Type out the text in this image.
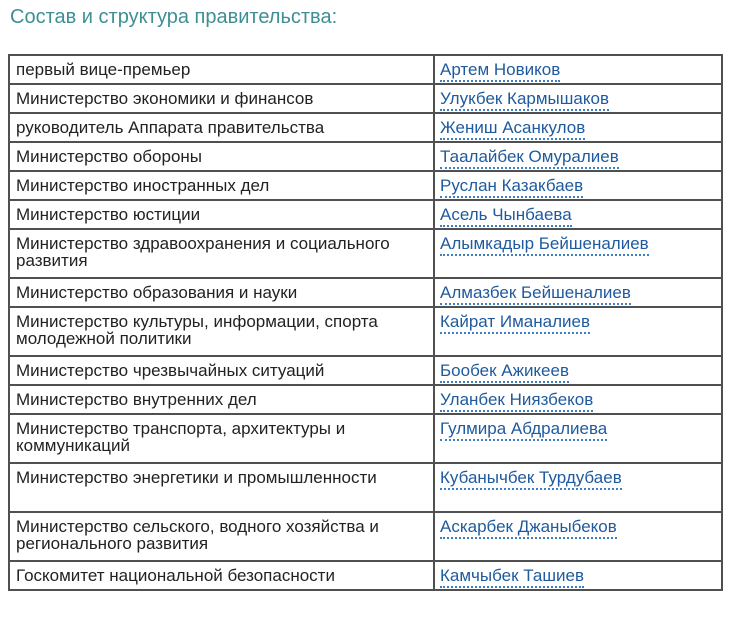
Состав и структура правительства:
первый вице-премьер	Артем Новиков
Министерство экономики и финансов	Улукбек Кармышаков
руководитель Аппарата правительства	Жениш Асанкулов
Министерство обороны	Таалайбек Омуралиев
Министерство иностранных дел	Руслан Казакбаев
Министерство юстиции	Асель Чынбаева
Министерство здравоохранения и социального развития	Алымкадыр Бейшеналиев
Министерство образования и науки	Алмазбек Бейшеналиев
Министерство культуры, информации, спорта молодежной политики	Кайрат Иманалиев
Министерство чрезвычайных ситуаций	Бообек Ажикеев
Министерство внутренних дел	Уланбек Ниязбеков
Министерство транспорта, архитектуры и коммуникаций	Гулмира Абдралиева
Министерство энергетики и промышленности	Кубанычбек Турдубаев
Министерство сельского, водного хозяйства и регионального развития	Аскарбек Джаныбеков
Госкомитет национальной безопасности	Камчыбек Ташиев
